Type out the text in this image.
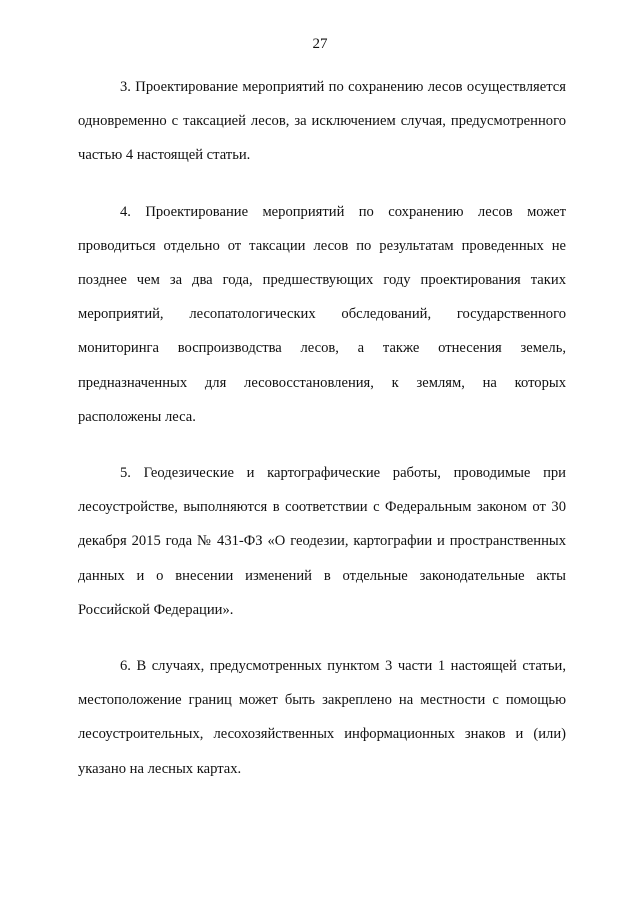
27

3. Проектирование мероприятий по сохранению лесов осуществляется одновременно с таксацией лесов, за исключением случая, предусмотренного частью 4 настоящей статьи.

4. Проектирование мероприятий по сохранению лесов может проводиться отдельно от таксации лесов по результатам проведенных не позднее чем за два года, предшествующих году проектирования таких мероприятий, лесопатологических обследований, государственного мониторинга воспроизводства лесов, а также отнесения земель, предназначенных для лесовосстановления, к землям, на которых расположены леса.

5. Геодезические и картографические работы, проводимые при лесоустройстве, выполняются в соответствии с Федеральным законом от 30 декабря 2015 года № 431-ФЗ «О геодезии, картографии и пространственных данных и о внесении изменений в отдельные законодательные акты Российской Федерации».

6. В случаях, предусмотренных пунктом 3 части 1 настоящей статьи, местоположение границ может быть закреплено на местности с помощью лесоустроительных, лесохозяйственных информационных знаков и (или) указано на лесных картах.
